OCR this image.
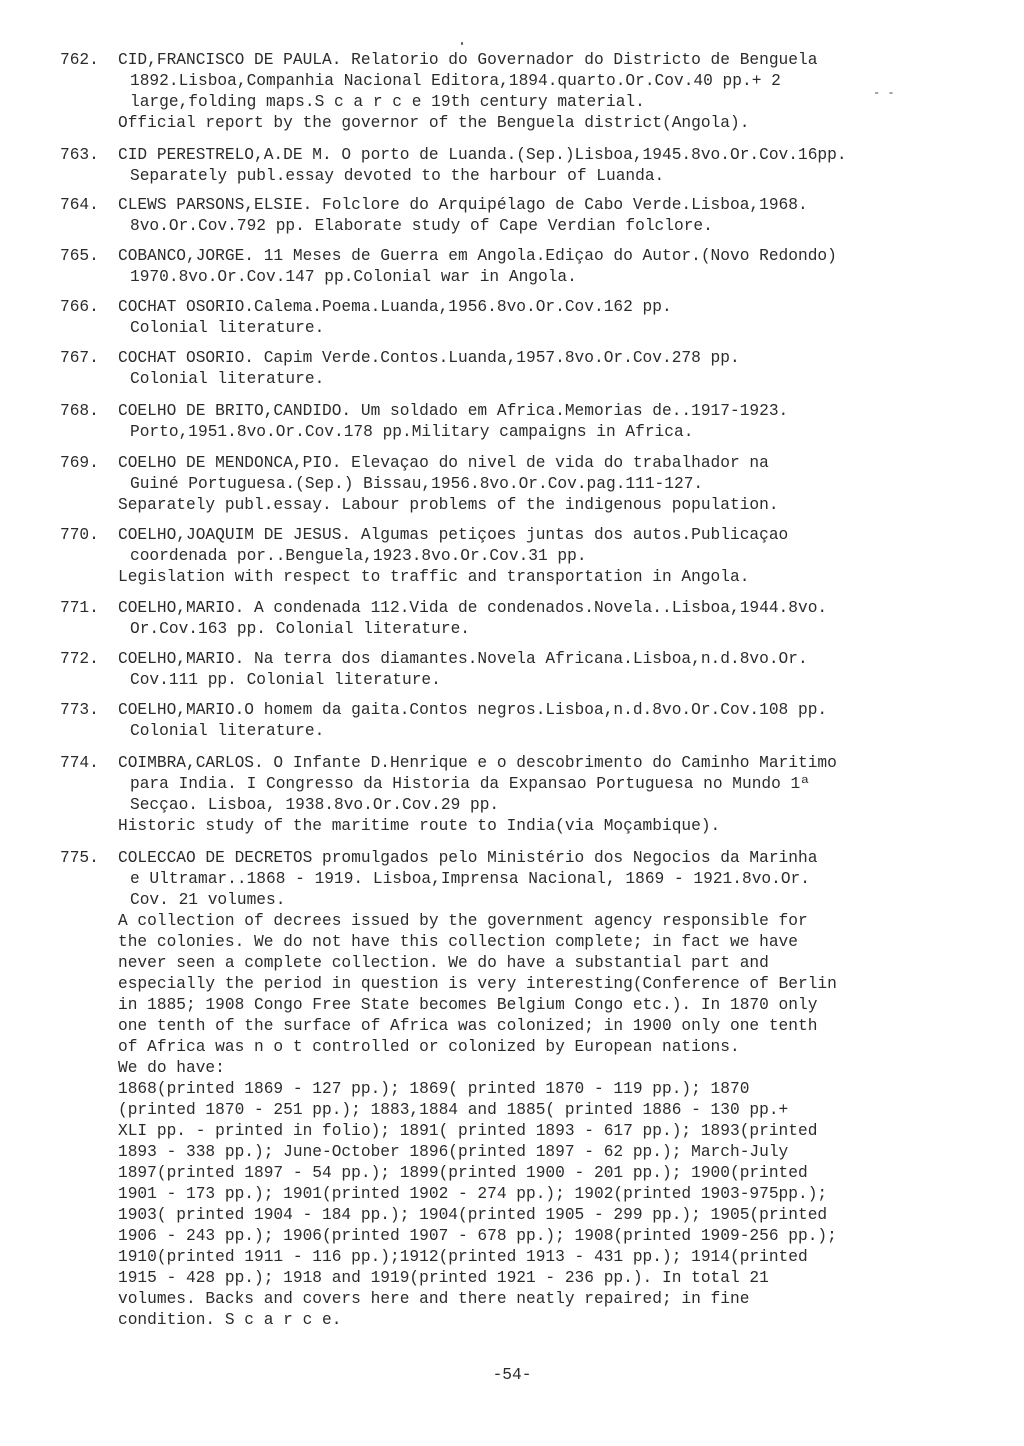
- -
762.	CID,FRANCISCO DE PAULA. Relatorio do Governador do Districto de Benguela
1892.Lisboa,Companhia Nacional Editora,1894.quarto.Or.Cov.40 pp.+ 2
large,folding maps.S c a r c e 19th century material.
Official report by the governor of the Benguela district(Angola).
763.	CID PERESTRELO,A.DE M. O porto de Luanda.(Sep.)Lisboa,1945.8vo.Or.Cov.16pp.
Separately publ.essay devoted to the harbour of Luanda.
764.	CLEWS PARSONS,ELSIE. Folclore do Arquipélago de Cabo Verde.Lisboa,1968.
8vo.Or.Cov.792 pp. Elaborate study of Cape Verdian folclore.
765.	COBANCO,JORGE. 11 Meses de Guerra em Angola.Ediçao do Autor.(Novo Redondo)
1970.8vo.Or.Cov.147 pp.Colonial war in Angola.
766.	COCHAT OSORIO.Calema.Poema.Luanda,1956.8vo.Or.Cov.162 pp.
Colonial literature.
767.	COCHAT OSORIO. Capim Verde.Contos.Luanda,1957.8vo.Or.Cov.278 pp.
Colonial literature.
768.	COELHO DE BRITO,CANDIDO. Um soldado em Africa.Memorias de..1917-1923.
Porto,1951.8vo.Or.Cov.178 pp.Military campaigns in Africa.
769.	COELHO DE MENDONCA,PIO. Elevaçao do nivel de vida do trabalhador na
Guiné Portuguesa.(Sep.) Bissau,1956.8vo.Or.Cov.pag.111-127.
Separately publ.essay. Labour problems of the indigenous population.
770.	COELHO,JOAQUIM DE JESUS. Algumas petiçoes juntas dos autos.Publicaçao
coordenada por..Benguela,1923.8vo.Or.Cov.31 pp.
Legislation with respect to traffic and transportation in Angola.
771.	COELHO,MARIO. A condenada 112.Vida de condenados.Novela..Lisboa,1944.8vo.
Or.Cov.163 pp. Colonial literature.
772.	COELHO,MARIO. Na terra dos diamantes.Novela Africana.Lisboa,n.d.8vo.Or.
Cov.111 pp. Colonial literature.
773.	COELHO,MARIO.O homem da gaita.Contos negros.Lisboa,n.d.8vo.Or.Cov.108 pp.
Colonial literature.
774.	COIMBRA,CARLOS. O Infante D.Henrique e o descobrimento do Caminho Maritimo
para India. I Congresso da Historia da Expansao Portuguesa no Mundo 1ª
Secçao. Lisboa, 1938.8vo.Or.Cov.29 pp.
Historic study of the maritime route to India(via Moçambique).
775.	COLECCAO DE DECRETOS promulgados pelo Ministério dos Negocios da Marinha
e Ultramar..1868 - 1919. Lisboa,Imprensa Nacional, 1869 - 1921.8vo.Or.
Cov. 21 volumes.
A collection of decrees issued by the government agency responsible for
the colonies. We do not have this collection complete; in fact we have
never seen a complete collection. We do have a substantial part and
especially the period in question is very interesting(Conference of Berlin
in 1885; 1908 Congo Free State becomes Belgium Congo etc.). In 1870 only
one tenth of the surface of Africa was colonized; in 1900 only one tenth
of Africa was n o t controlled or colonized by European nations.
We do have:
1868(printed 1869 - 127 pp.); 1869( printed 1870 - 119 pp.); 1870
(printed 1870 - 251 pp.); 1883,1884 and 1885( printed 1886 - 130 pp.+
XLI pp. - printed in folio); 1891( printed 1893 - 617 pp.); 1893(printed
1893 - 338 pp.); June-October 1896(printed 1897 - 62 pp.); March-July
1897(printed 1897 - 54 pp.); 1899(printed 1900 - 201 pp.); 1900(printed
1901 - 173 pp.); 1901(printed 1902 - 274 pp.); 1902(printed 1903-975pp.);
1903( printed 1904 - 184 pp.); 1904(printed 1905 - 299 pp.); 1905(printed
1906 - 243 pp.); 1906(printed 1907 - 678 pp.); 1908(printed 1909-256 pp.);
1910(printed 1911 - 116 pp.);1912(printed 1913 - 431 pp.); 1914(printed
1915 - 428 pp.); 1918 and 1919(printed 1921 - 236 pp.). In total 21
volumes. Backs and covers here and there neatly repaired; in fine
condition. S c a r c e.
-54-
